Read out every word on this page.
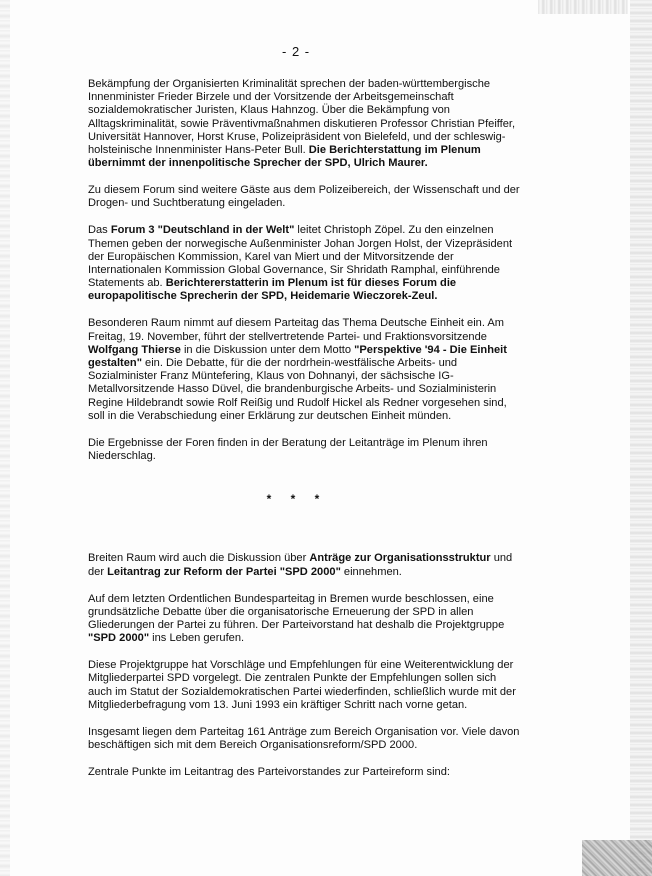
- 2 -

Bekämpfung der Organisierten Kriminalität sprechen der baden-württembergische Innenminister Frieder Birzele und der Vorsitzende der Arbeitsgemeinschaft sozialdemokratischer Juristen, Klaus Hahnzog. Über die Bekämpfung von Alltagskriminalität, sowie Präventivmaßnahmen diskutieren Professor Christian Pfeiffer, Universität Hannover, Horst Kruse, Polizeipräsident von Bielefeld, und der schleswig-holsteinische Innenminister Hans-Peter Bull. Die Berichterstattung im Plenum übernimmt der innenpolitische Sprecher der SPD, Ulrich Maurer.

Zu diesem Forum sind weitere Gäste aus dem Polizeibereich, der Wissenschaft und der Drogen- und Suchtberatung eingeladen.

Das Forum 3 "Deutschland in der Welt" leitet Christoph Zöpel. Zu den einzelnen Themen geben der norwegische Außenminister Johan Jorgen Holst, der Vizepräsident der Europäischen Kommission, Karel van Miert und der Mitvorsitzende der Internationalen Kommission Global Governance, Sir Shridath Ramphal, einführende Statements ab. Berichtererstatterin im Plenum ist für dieses Forum die europapolitische Sprecherin der SPD, Heidemarie Wieczorek-Zeul.

Besonderen Raum nimmt auf diesem Parteitag das Thema Deutsche Einheit ein. Am Freitag, 19. November, führt der stellvertretende Partei- und Fraktionsvorsitzende Wolfgang Thierse in die Diskussion unter dem Motto "Perspektive '94 - Die Einheit gestalten" ein. Die Debatte, für die der nordrhein-westfälische Arbeits- und Sozialminister Franz Müntefering, Klaus von Dohnanyi, der sächsische IG-Metallvorsitzende Hasso Düvel, die brandenburgische Arbeits- und Sozialministerin Regine Hildebrandt sowie Rolf Reißig und Rudolf Hickel als Redner vorgesehen sind, soll in die Verabschiedung einer Erklärung zur deutschen Einheit münden.

Die Ergebnisse der Foren finden in der Beratung der Leitanträge im Plenum ihren Niederschlag.

* * *

Breiten Raum wird auch die Diskussion über Anträge zur Organisationsstruktur und der Leitantrag zur Reform der Partei "SPD 2000" einnehmen.

Auf dem letzten Ordentlichen Bundesparteitag in Bremen wurde beschlossen, eine grundsätzliche Debatte über die organisatorische Erneuerung der SPD in allen Gliederungen der Partei zu führen. Der Parteivorstand hat deshalb die Projektgruppe "SPD 2000" ins Leben gerufen.

Diese Projektgruppe hat Vorschläge und Empfehlungen für eine Weiterentwicklung der Mitgliederpartei SPD vorgelegt. Die zentralen Punkte der Empfehlungen sollen sich auch im Statut der Sozialdemokratischen Partei wiederfinden, schließlich wurde mit der Mitgliederbefragung vom 13. Juni 1993 ein kräftiger Schritt nach vorne getan.

Insgesamt liegen dem Parteitag 161 Anträge zum Bereich Organisation vor. Viele davon beschäftigen sich mit dem Bereich Organisationsreform/SPD 2000.

Zentrale Punkte im Leitantrag des Parteivorstandes zur Parteireform sind:
